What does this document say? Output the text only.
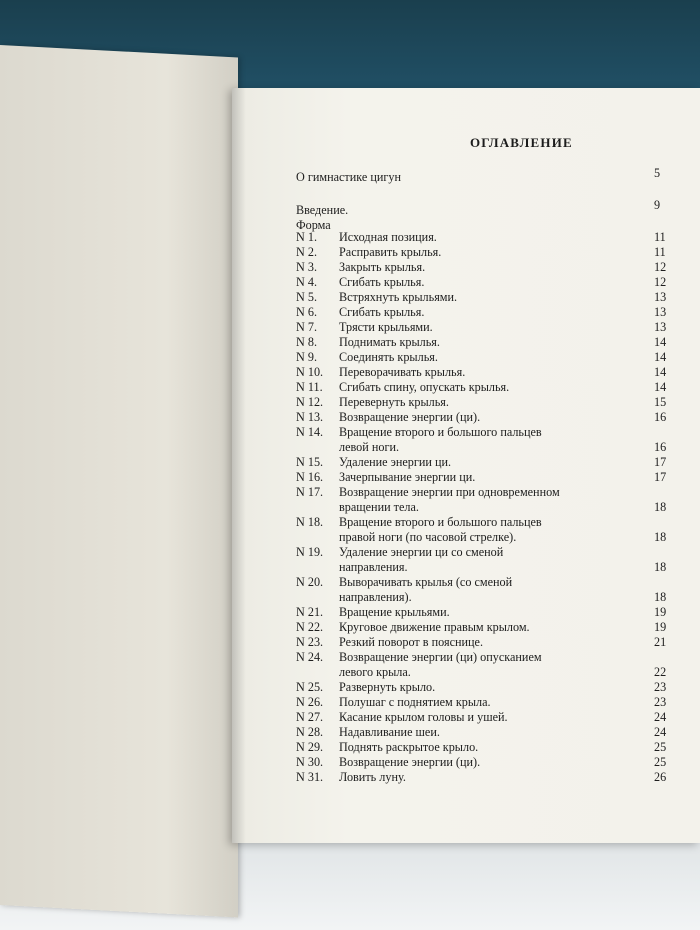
ОГЛАВЛЕНИЕ
О гимнастике цигун	5
Введение.	9
Форма
N 1. Исходная позиция.	11
N 2. Расправить крылья.	11
N 3. Закрыть крылья.	12
N 4. Сгибать крылья.	12
N 5. Встряхнуть крыльями.	13
N 6. Сгибать крылья.	13
N 7. Трясти крыльями.	13
N 8. Поднимать крылья.	14
N 9. Соединять крылья.	14
N 10. Переворачивать крылья.	14
N 11. Сгибать спину, опускать крылья.	14
N 12. Перевернуть крылья.	15
N 13. Возвращение энергии (ци).	16
N 14. Вращение второго и большого пальцев
левой ноги.	16
N 15. Удаление энергии ци.	17
N 16. Зачерпывание энергии ци.	17
N 17. Возвращение энергии при одновременном
вращении тела.	18
N 18. Вращение второго и большого пальцев
правой ноги (по часовой стрелке).	18
N 19. Удаление энергии ци со сменой
направления.	18
N 20. Выворачивать крылья (со сменой
направления).	18
N 21. Вращение крыльями.	19
N 22. Круговое движение правым крылом.	19
N 23. Резкий поворот в пояснице.	21
N 24. Возвращение энергии (ци) опусканием
левого крыла.	22
N 25. Развернуть крыло.	23
N 26. Полушаг с поднятием крыла.	23
N 27. Касание крылом головы и ушей.	24
N 28. Надавливание шеи.	24
N 29. Поднять раскрытое крыло.	25
N 30. Возвращение энергии (ци).	25
N 31. Ловить луну.	26
